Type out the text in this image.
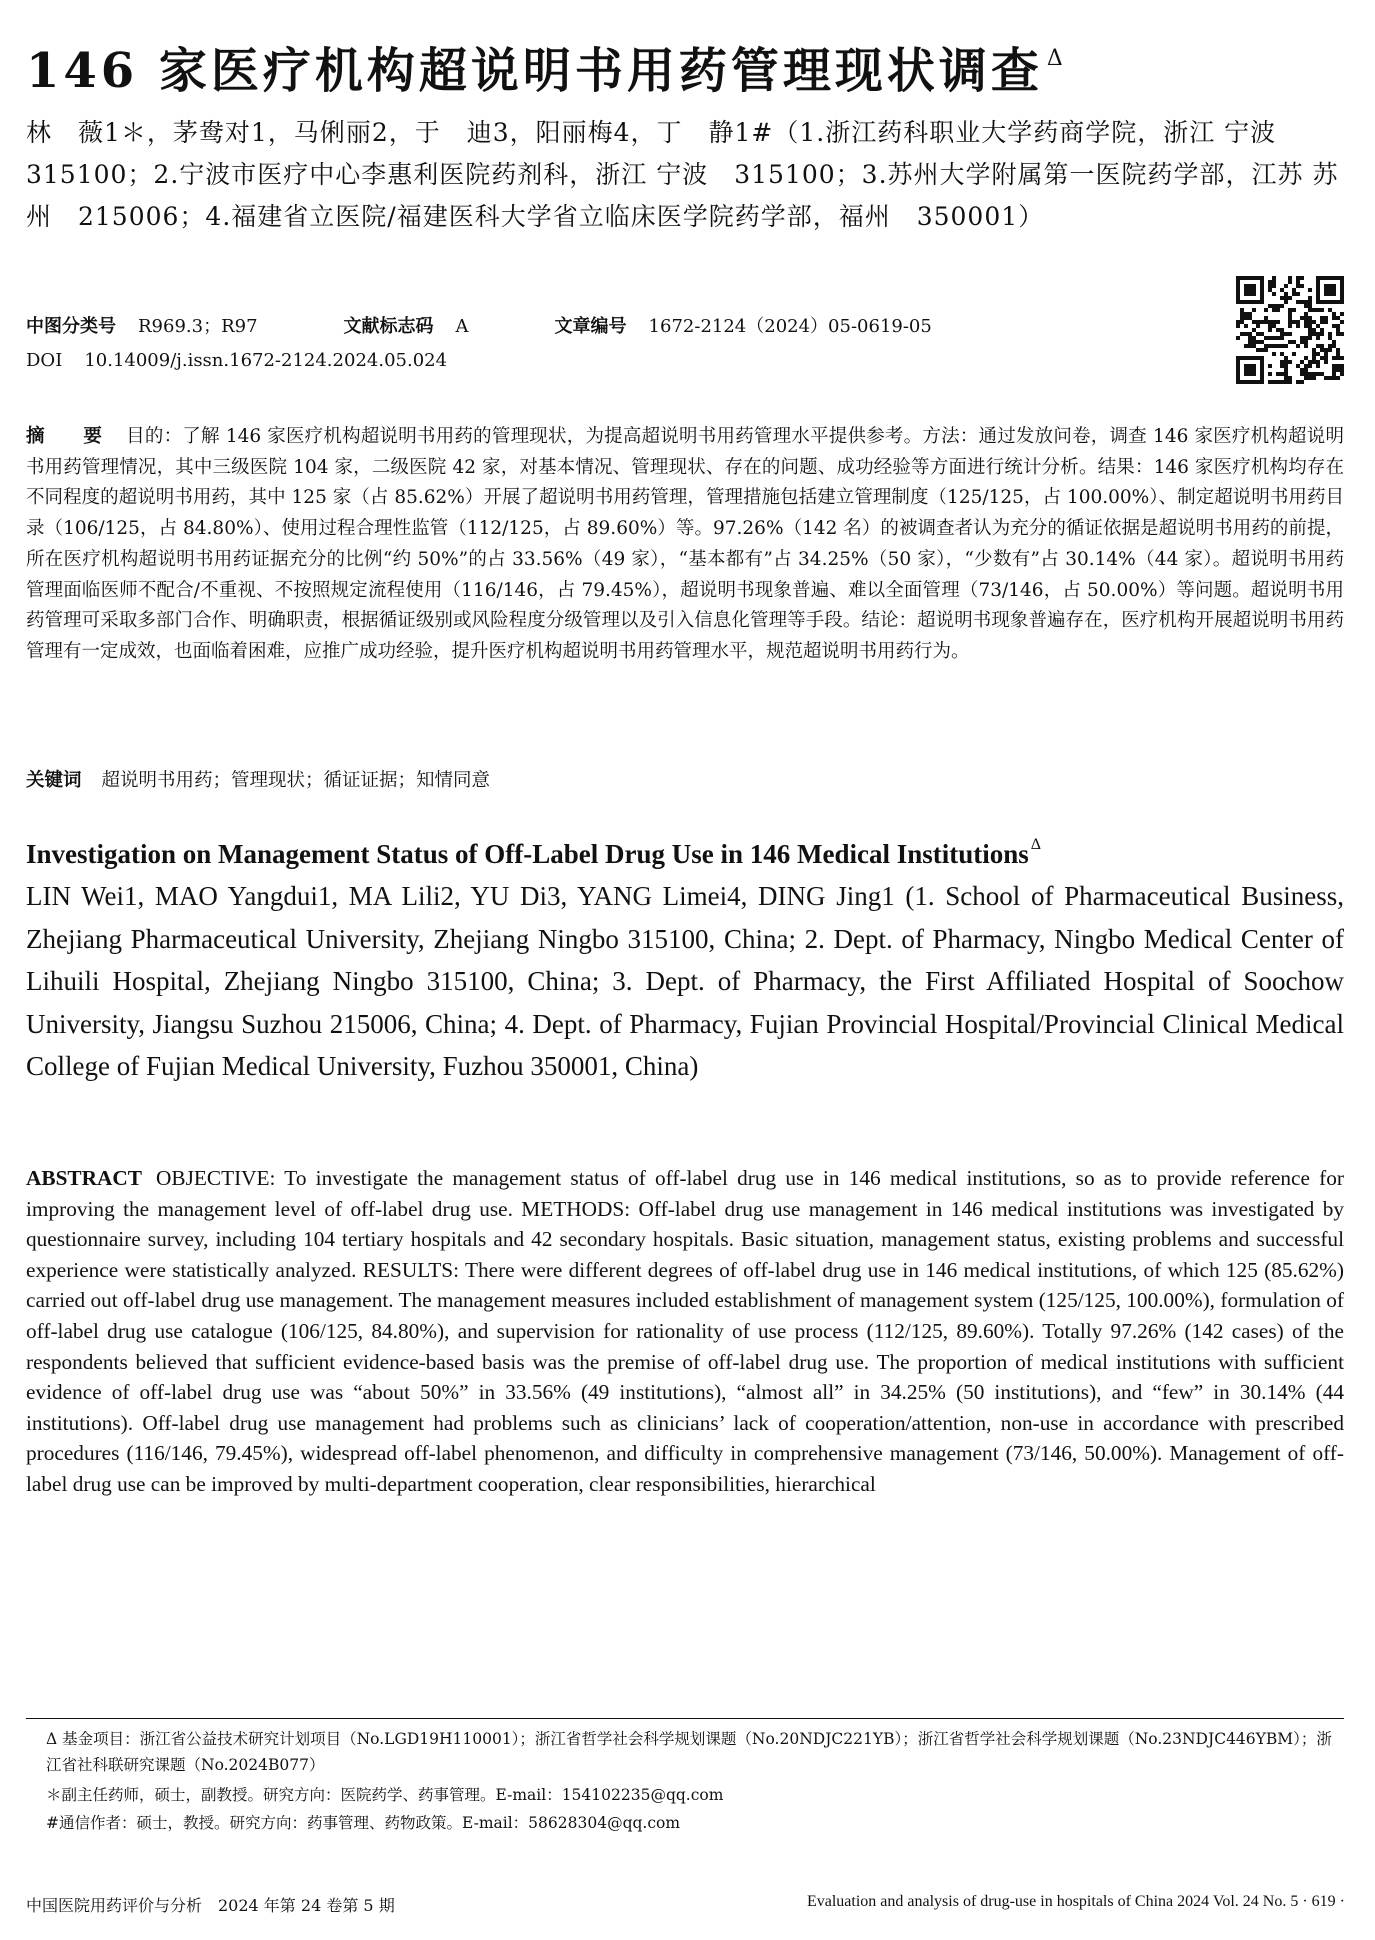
146 家医疗机构超说明书用药管理现状调查 $^\Delta$
林　薇1＊，茅鸯对1，马俐丽2，于　迪3，阳丽梅4，丁　静1#（1.浙江药科职业大学药商学院，浙江 宁波　315100；2.宁波市医疗中心李惠利医院药剂科，浙江 宁波　315100；3.苏州大学附属第一医院药学部，江苏 苏州　215006；4.福建省立医院/福建医科大学省立临床医学院药学部，福州　350001）
中图分类号 R969.3；R97	文献标志码 A	文章编号 1672-2124（2024）05-0619-05
DOI 10.14009/j.issn.1672-2124.2024.05.024
摘　要 目的：了解 146 家医疗机构超说明书用药的管理现状，为提高超说明书用药管理水平提供参考。方法：通过发放问卷，调查 146 家医疗机构超说明书用药管理情况，其中三级医院 104 家，二级医院 42 家，对基本情况、管理现状、存在的问题、成功经验等方面进行统计分析。结果：146 家医疗机构均存在不同程度的超说明书用药，其中 125 家（占 85.62%）开展了超说明书用药管理，管理措施包括建立管理制度（125/125，占 100.00%）、制定超说明书用药目录（106/125，占 84.80%）、使用过程合理性监管（112/125，占 89.60%）等。97.26%（142 名）的被调查者认为充分的循证依据是超说明书用药的前提，所在医疗机构超说明书用药证据充分的比例“约 50%”的占 33.56%（49 家），“基本都有”占 34.25%（50 家），“少数有”占 30.14%（44 家）。超说明书用药管理面临医师不配合/不重视、不按照规定流程使用（116/146，占 79.45%），超说明书现象普遍、难以全面管理（73/146，占 50.00%）等问题。超说明书用药管理可采取多部门合作、明确职责，根据循证级别或风险程度分级管理以及引入信息化管理等手段。结论：超说明书现象普遍存在，医疗机构开展超说明书用药管理有一定成效，也面临着困难，应推广成功经验，提升医疗机构超说明书用药管理水平，规范超说明书用药行为。
关键词 超说明书用药；管理现状；循证证据；知情同意
Investigation on Management Status of Off-Label Drug Use in 146 Medical Institutions $^\Delta$
LIN Wei1, MAO Yangdui1, MA Lili2, YU Di3, YANG Limei4, DING Jing1 (1. School of Pharmaceutical Business, Zhejiang Pharmaceutical University, Zhejiang Ningbo 315100, China; 2. Dept. of Pharmacy, Ningbo Medical Center of Lihuili Hospital, Zhejiang Ningbo 315100, China; 3. Dept. of Pharmacy, the First Affiliated Hospital of Soochow University, Jiangsu Suzhou 215006, China; 4. Dept. of Pharmacy, Fujian Provincial Hospital/Provincial Clinical Medical College of Fujian Medical University, Fuzhou 350001, China)
ABSTRACT OBJECTIVE: To investigate the management status of off-label drug use in 146 medical institutions, so as to provide reference for improving the management level of off-label drug use. METHODS: Off-label drug use management in 146 medical institutions was investigated by questionnaire survey, including 104 tertiary hospitals and 42 secondary hospitals. Basic situation, management status, existing problems and successful experience were statistically analyzed. RESULTS: There were different degrees of off-label drug use in 146 medical institutions, of which 125 (85.62%) carried out off-label drug use management. The management measures included establishment of management system (125/125, 100.00%), formulation of off-label drug use catalogue (106/125, 84.80%), and supervision for rationality of use process (112/125, 89.60%). Totally 97.26% (142 cases) of the respondents believed that sufficient evidence-based basis was the premise of off-label drug use. The proportion of medical institutions with sufficient evidence of off-label drug use was “about 50%” in 33.56% (49 institutions), “almost all” in 34.25% (50 institutions), and “few” in 30.14% (44 institutions). Off-label drug use management had problems such as clinicians’ lack of cooperation/attention, non-use in accordance with prescribed procedures (116/146, 79.45%), widespread off-label phenomenon, and difficulty in comprehensive management (73/146, 50.00%). Management of off-label drug use can be improved by multi-department cooperation, clear responsibilities, hierarchical
Δ 基金项目：浙江省公益技术研究计划项目（No.LGD19H110001）；浙江省哲学社会科学规划课题（No.20NDJC221YB）；浙江省哲学社会科学规划课题（No.23NDJC446YBM）；浙江省社科联研究课题（No.2024B077）
＊副主任药师，硕士，副教授。研究方向：医院药学、药事管理。E-mail：154102235@qq.com
#通信作者：硕士，教授。研究方向：药事管理、药物政策。E-mail：58628304@qq.com
中国医院用药评价与分析　2024 年第 24 卷第 5 期	Evaluation and analysis of drug-use in hospitals of China 2024 Vol. 24 No. 5 · 619 ·
